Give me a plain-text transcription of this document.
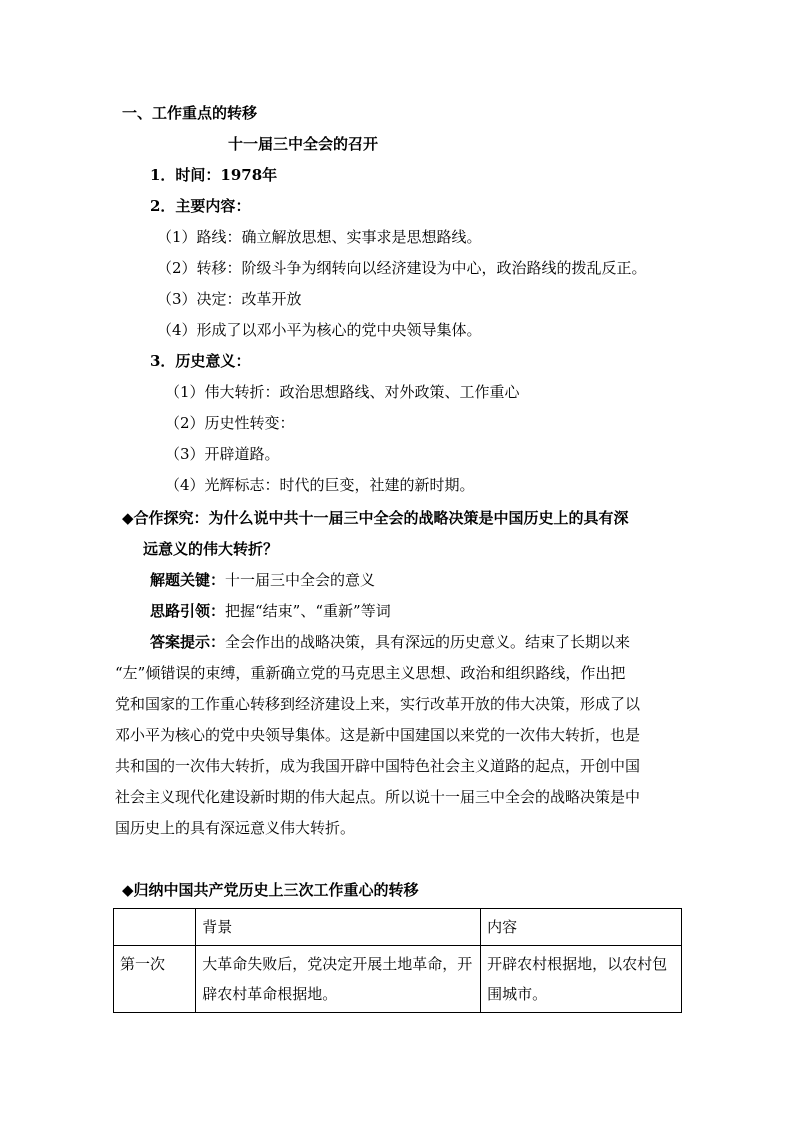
一、工作重点的转移
十一届三中全会的召开
1．时间：1978年
2．主要内容：
（1）路线：确立解放思想、实事求是思想路线。
（2）转移：阶级斗争为纲转向以经济建设为中心，政治路线的拨乱反正。
（3）决定：改革开放
（4）形成了以邓小平为核心的党中央领导集体。
3．历史意义：
（1）伟大转折：政治思想路线、对外政策、工作重心
（2）历史性转变：
（3）开辟道路。
（4）光辉标志：时代的巨变，社建的新时期。
◆合作探究：为什么说中共十一届三中全会的战略决策是中国历史上的具有深
远意义的伟大转折？
解题关键：十一届三中全会的意义
思路引领：把握“结束”、“重新”等词
答案提示：全会作出的战略决策，具有深远的历史意义。结束了长期以来
“左”倾错误的束缚，重新确立党的马克思主义思想、政治和组织路线，作出把
党和国家的工作重心转移到经济建设上来，实行改革开放的伟大决策，形成了以
邓小平为核心的党中央领导集体。这是新中国建国以来党的一次伟大转折，也是
共和国的一次伟大转折，成为我国开辟中国特色社会主义道路的起点，开创中国
社会主义现代化建设新时期的伟大起点。所以说十一届三中全会的战略决策是中
国历史上的具有深远意义伟大转折。
◆归纳中国共产党历史上三次工作重心的转移
	背景	内容
第一次	大革命失败后，党决定开展土地革命，开辟农村革命根据地。	开辟农村根据地，以农村包围城市。
